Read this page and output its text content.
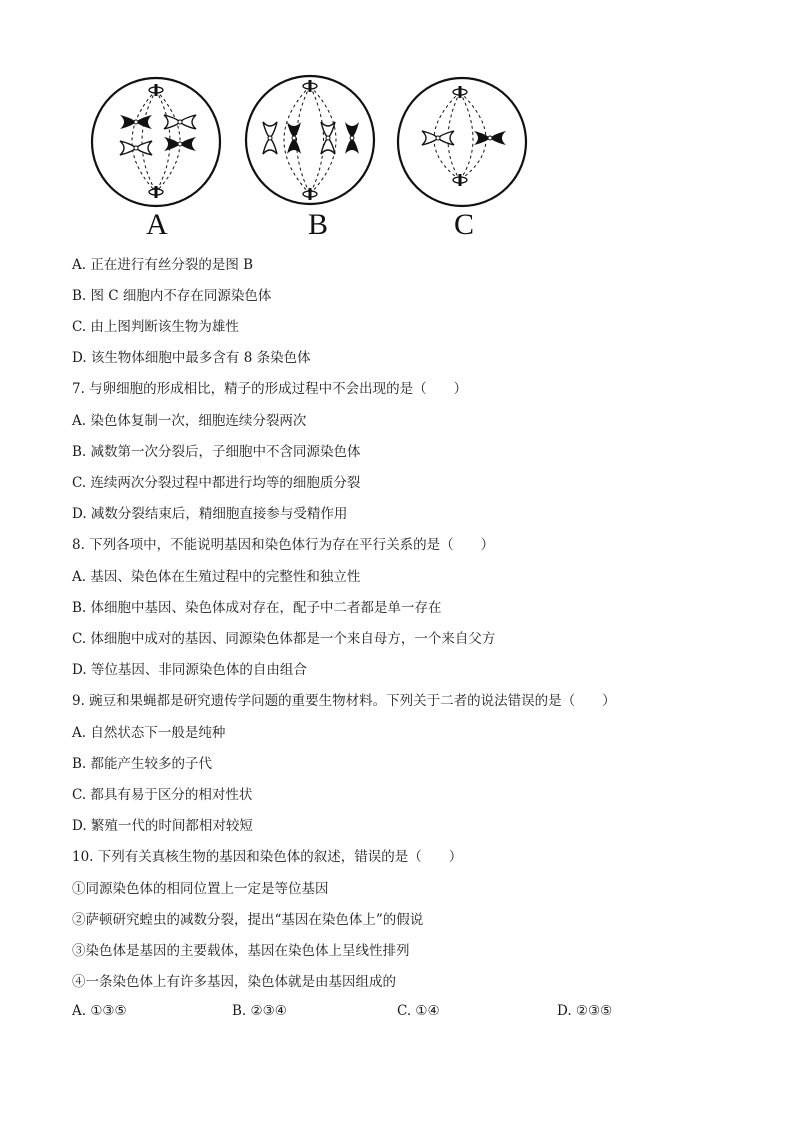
A	B	C
A. 正在进行有丝分裂的是图 B
B. 图 C 细胞内不存在同源染色体
C. 由上图判断该生物为雄性
D. 该生物体细胞中最多含有 8 条染色体
7. 与卵细胞的形成相比，精子的形成过程中不会出现的是（　　）
A. 染色体复制一次，细胞连续分裂两次
B. 减数第一次分裂后，子细胞中不含同源染色体
C. 连续两次分裂过程中都进行均等的细胞质分裂
D. 减数分裂结束后，精细胞直接参与受精作用
8. 下列各项中，不能说明基因和染色体行为存在平行关系的是（　　）
A. 基因、染色体在生殖过程中的完整性和独立性
B. 体细胞中基因、染色体成对存在，配子中二者都是单一存在
C. 体细胞中成对的基因、同源染色体都是一个来自母方，一个来自父方
D. 等位基因、非同源染色体的自由组合
9. 豌豆和果蝇都是研究遗传学问题的重要生物材料。下列关于二者的说法错误的是（　　）
A. 自然状态下一般是纯种
B. 都能产生较多的子代
C. 都具有易于区分的相对性状
D. 繁殖一代的时间都相对较短
10. 下列有关真核生物的基因和染色体的叙述，错误的是（　　）
①同源染色体的相同位置上一定是等位基因
②萨顿研究蝗虫的减数分裂，提出“基因在染色体上”的假说
③染色体是基因的主要载体，基因在染色体上呈线性排列
④一条染色体上有许多基因，染色体就是由基因组成的
A. ①③⑤	B. ②③④	C. ①④	D. ②③⑤
